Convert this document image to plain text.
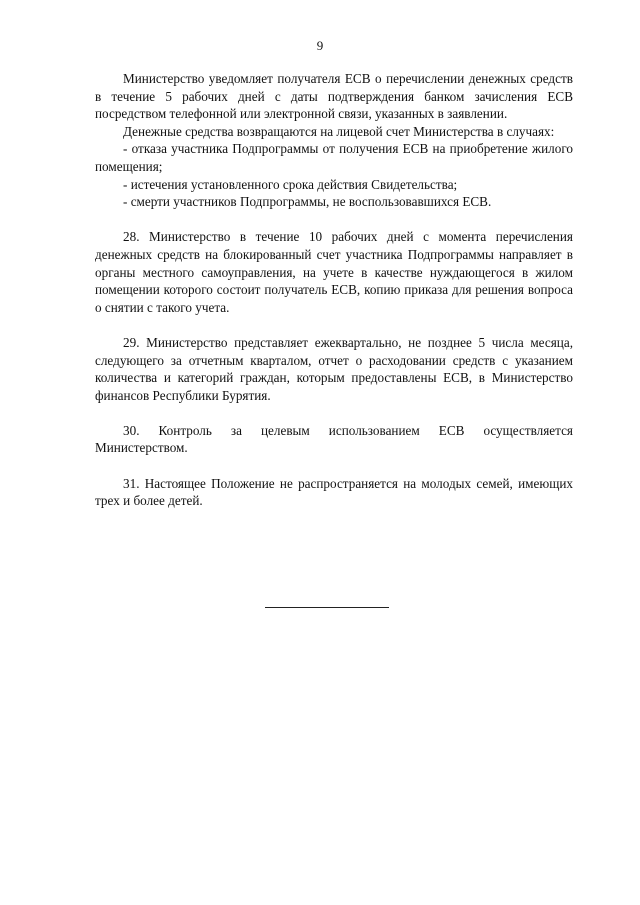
9

Министерство уведомляет получателя ЕСВ о перечислении денежных средств в течение 5 рабочих дней с даты подтверждения банком зачисления ЕСВ посредством телефонной или электронной связи, указанных в заявлении.

Денежные средства возвращаются на лицевой счет Министерства в случаях:

- отказа участника Подпрограммы от получения ЕСВ на приобретение жилого помещения;

- истечения установленного срока действия Свидетельства;

- смерти участников Подпрограммы, не воспользовавшихся ЕСВ.

28. Министерство в течение 10 рабочих дней с момента перечисления денежных средств на блокированный счет участника Подпрограммы направляет в органы местного самоуправления, на учете в качестве нуждающегося в жилом помещении которого состоит получатель ЕСВ, копию приказа для решения вопроса о снятии с такого учета.

29. Министерство представляет ежеквартально, не позднее 5 числа месяца, следующего за отчетным кварталом, отчет о расходовании средств с указанием количества и категорий граждан, которым предоставлены ЕСВ, в Министерство финансов Республики Бурятия.

30. Контроль за целевым использованием ЕСВ осуществляется Министерством.

31. Настоящее Положение не распространяется на молодых семей, имеющих трех и более детей.
